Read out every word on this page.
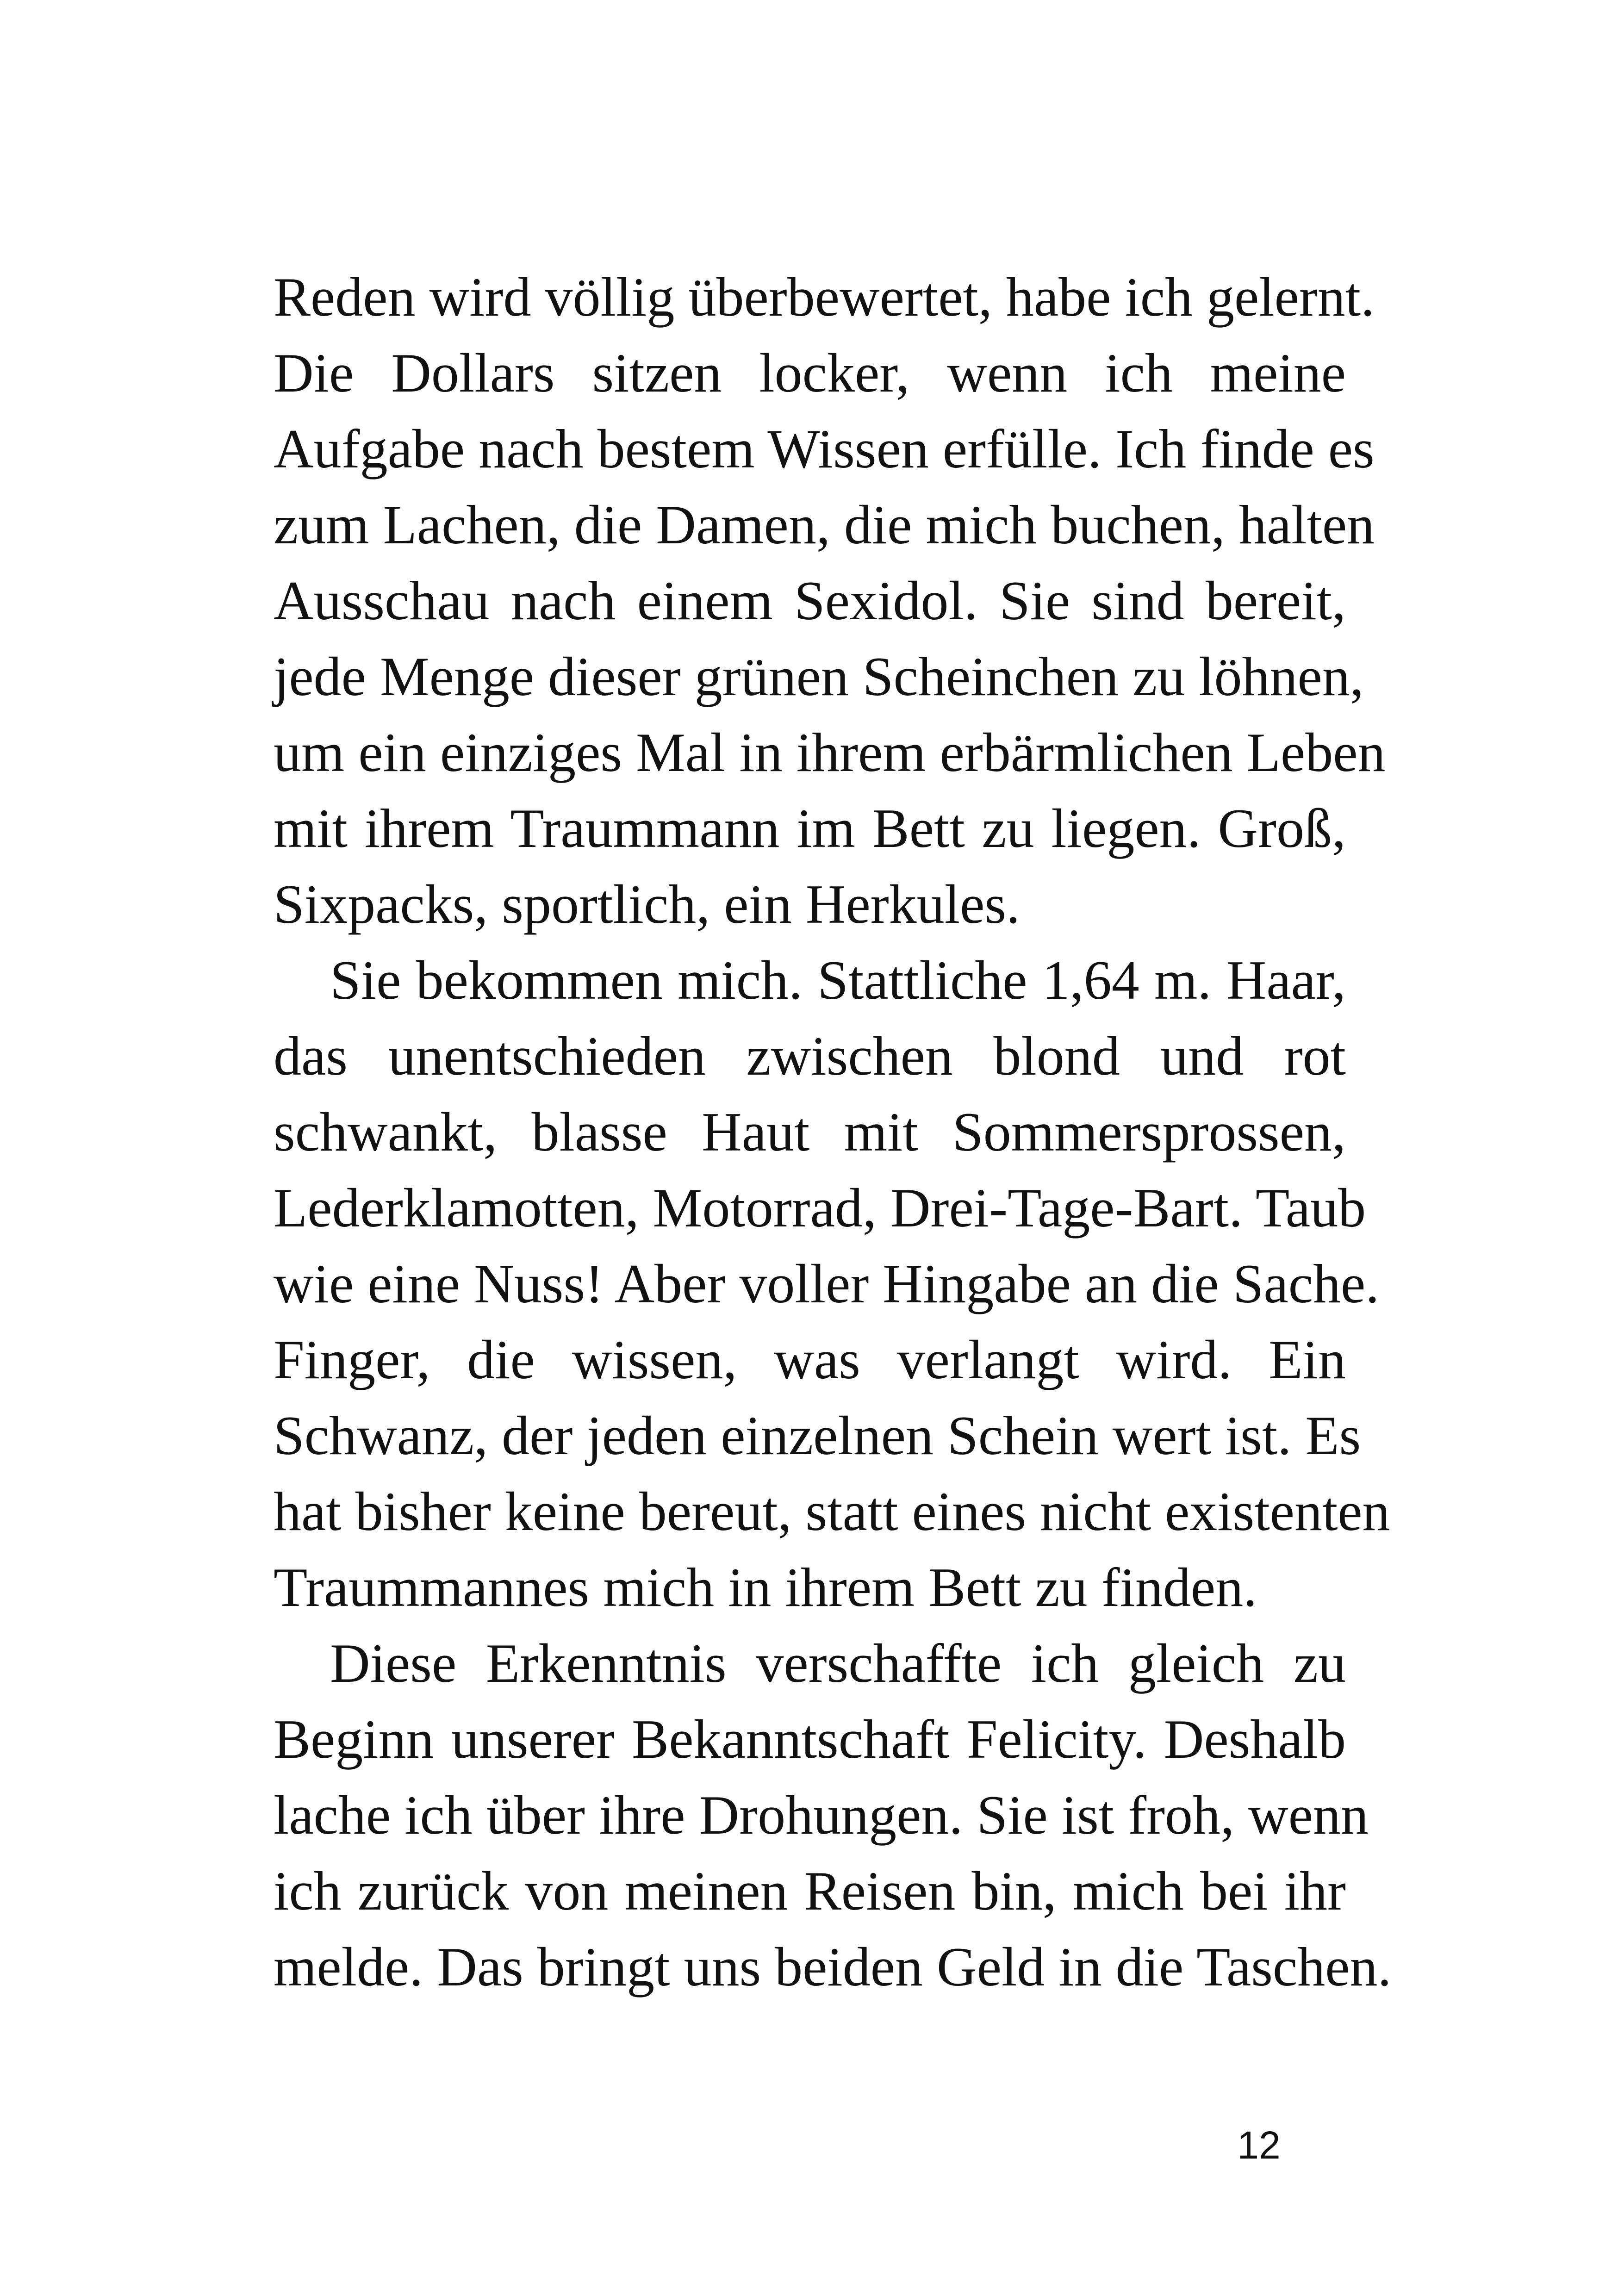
Reden wird völlig überbewertet, habe ich gelernt.
Die Dollars sitzen locker, wenn ich meine
Aufgabe nach bestem Wissen erfülle. Ich finde es
zum Lachen, die Damen, die mich buchen, halten
Ausschau nach einem Sexidol. Sie sind bereit,
jede Menge dieser grünen Scheinchen zu löhnen,
um ein einziges Mal in ihrem erbärmlichen Leben
mit ihrem Traummann im Bett zu liegen. Groß,
Sixpacks, sportlich, ein Herkules.
Sie bekommen mich. Stattliche 1,64 m. Haar,
das unentschieden zwischen blond und rot
schwankt, blasse Haut mit Sommersprossen,
Lederklamotten, Motorrad, Drei-Tage-Bart. Taub
wie eine Nuss! Aber voller Hingabe an die Sache.
Finger, die wissen, was verlangt wird. Ein
Schwanz, der jeden einzelnen Schein wert ist. Es
hat bisher keine bereut, statt eines nicht existenten
Traummannes mich in ihrem Bett zu finden.
Diese Erkenntnis verschaffte ich gleich zu
Beginn unserer Bekanntschaft Felicity. Deshalb
lache ich über ihre Drohungen. Sie ist froh, wenn
ich zurück von meinen Reisen bin, mich bei ihr
melde. Das bringt uns beiden Geld in die Taschen.
12
